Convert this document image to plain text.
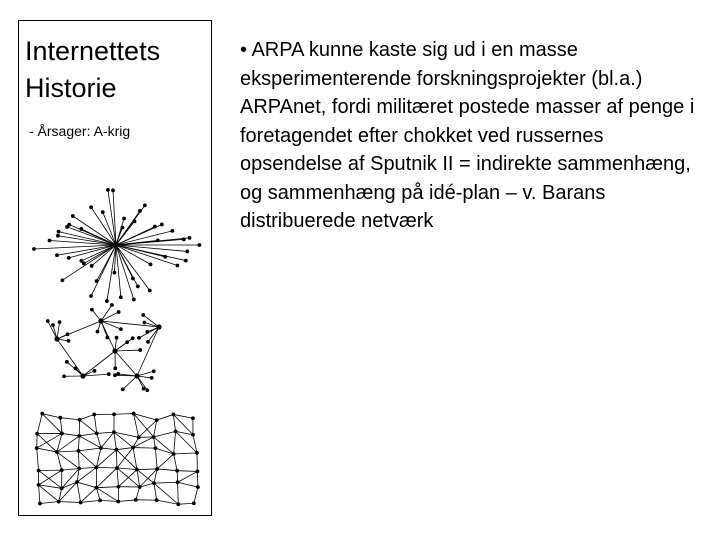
Internettets
Historie
- Årsager: A-krig

• ARPA kunne kaste sig ud i en masse eksperimenterende forskningsprojekter (bl.a.) ARPAnet, fordi militæret postede masser af penge i foretagendet efter chokket ved russernes opsendelse af Sputnik II = indirekte sammenhæng, og sammenhæng på idé-plan – v. Barans distribuerede netværk
